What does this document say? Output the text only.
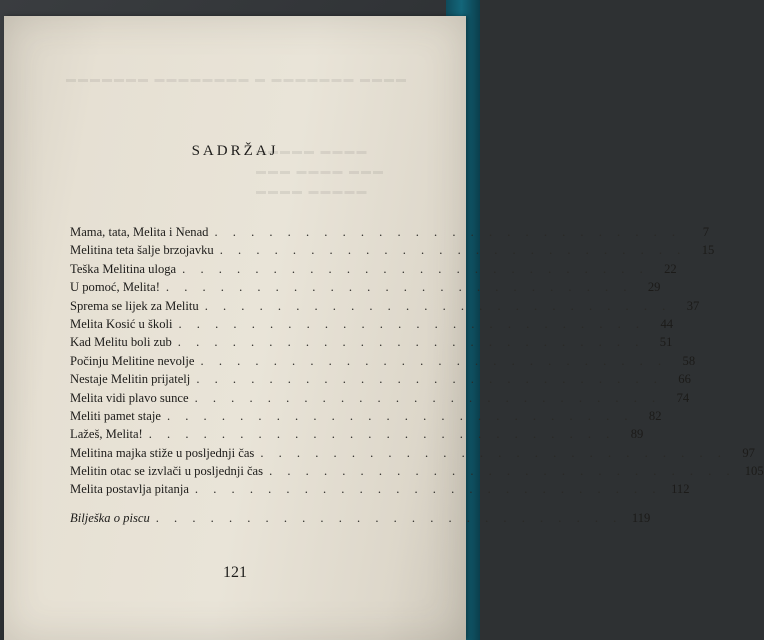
▬▬▬▬ ▬▬▬▬▬▬▬ ▬ ▬▬▬▬▬▬▬▬ ▬▬▬▬▬▬▬
▬▬▬▬ ▬▬▬▬▬
▬▬▬ ▬▬▬▬ ▬▬▬
▬▬▬▬▬ ▬▬▬▬
SADRŽAJ
Mama, tata, Melita i Nenad . . . . . . . . . . . . . . . . . . . . . . . . . .	7
Melitina teta šalje brzojavku . . . . . . . . . . . . . . . . . . . . . . . . . .	15
Teška Melitina uloga . . . . . . . . . . . . . . . . . . . . . . . . . .	22
U pomoć, Melita! . . . . . . . . . . . . . . . . . . . . . . . . . .	29
Sprema se lijek za Melitu . . . . . . . . . . . . . . . . . . . . . . . . . .	37
Melita Kosić u školi . . . . . . . . . . . . . . . . . . . . . . . . . .	44
Kad Melitu boli zub . . . . . . . . . . . . . . . . . . . . . . . . . .	51
Počinju Melitine nevolje . . . . . . . . . . . . . . . . . . . . . . . . . .	58
Nestaje Melitin prijatelj . . . . . . . . . . . . . . . . . . . . . . . . . .	66
Melita vidi plavo sunce . . . . . . . . . . . . . . . . . . . . . . . . . .	74
Meliti pamet staje . . . . . . . . . . . . . . . . . . . . . . . . . .	82
Lažeš, Melita! . . . . . . . . . . . . . . . . . . . . . . . . . .	89
Melitina majka stiže u posljednji čas . . . . . . . . . . . . . . . . . . . . . . . . . .	97
Melitin otac se izvlači u posljednji čas . . . . . . . . . . . . . . . . . . . . . . . . . . 105
Melita postavlja pitanja . . . . . . . . . . . . . . . . . . . . . . . . . . 112
Bilješka o piscu . . . . . . . . . . . . . . . . . . . . . . . . . . 119
121
